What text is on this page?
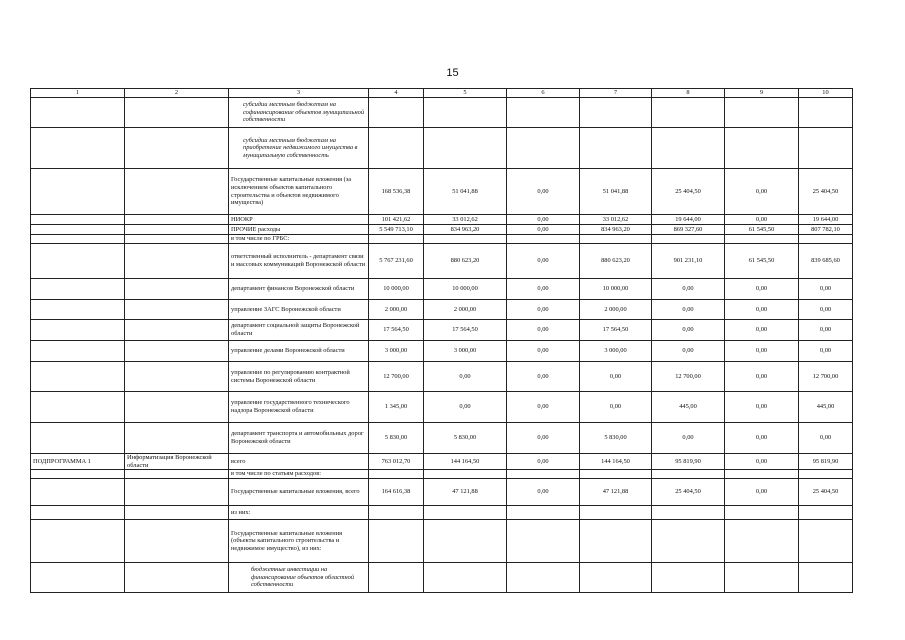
15
1	2	3	4	5	6	7	8	9	10
		субсидии местным бюджетам на софинансирование объектов муниципальной собственности							
		субсидии местным бюджетам на приобретение недвижимого имущества в муниципальную собственность							
		Государственные капитальные вложения (за исключением объектов капитального строительства и объектов недвижимого имущества)	168 536,38	51 041,88	0,00	51 041,88	25 404,50	0,00	25 404,50
		НИОКР	101 421,62	33 012,62	0,00	33 012,62	19 644,00	0,00	19 644,00
		ПРОЧИЕ расходы	5 549 713,10	834 963,20	0,00	834 963,20	869 327,60	61 545,50	807 782,10
		в том числе по ГРБС:							
		ответственный исполнитель - департамент связи и массовых коммуникаций Воронежской области	5 767 231,60	880 623,20	0,00	880 623,20	901 231,10	61 545,50	839 685,60
		департамент финансов Воронежской области	10 000,00	10 000,00	0,00	10 000,00	0,00	0,00	0,00
		управление ЗАГС Воронежской области	2 000,00	2 000,00	0,00	2 000,00	0,00	0,00	0,00
		департамент социальной защиты Воронежской области	17 564,50	17 564,50	0,00	17 564,50	0,00	0,00	0,00
		управление делами Воронежской области	3 000,00	3 000,00	0,00	3 000,00	0,00	0,00	0,00
		управление по регулированию контрактной системы Воронежской области	12 700,00	0,00	0,00	0,00	12 700,00	0,00	12 700,00
		управление государственного технического надзора Воронежской области	1 345,00	0,00	0,00	0,00	445,00	0,00	445,00
		департамент транспорта и автомобильных дорог Воронежской области	5 830,00	5 830,00	0,00	5 830,00	0,00	0,00	0,00
ПОДПРОГРАММА 1	Информатизация Воронежской области	всего	763 012,70	144 164,50	0,00	144 164,50	95 819,90	0,00	95 819,90
		в том числе по статьям расходов:							
		Государственные капитальные вложения, всего	164 616,38	47 121,88	0,00	47 121,88	25 404,50	0,00	25 404,50
		из них:							
		Государственные капитальные вложения (объекты капитального строительства и недвижимое имущество), из них:							
		бюджетные инвестиции на финансирование объектов областной собственности							
